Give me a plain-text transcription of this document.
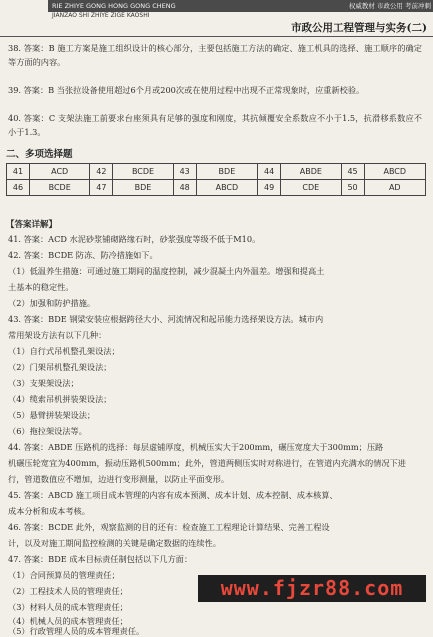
RIE ZHIYE GONG HONG GONG CHENG	权威教材 市政公用 考前冲刺
JIANZAO SHI ZHIYE ZIGE KAOSHI
市政公用工程管理与实务(二)
38. 答案：B 施工方案是施工组织设计的核心部分，主要包括施工方法的确定、施工机具的选择、施工顺序的确定等方面的内容。
39. 答案：B 当张拉设备使用超过6个月或200次或在使用过程中出现不正常现象时，应重新校验。
40. 答案：C 支架法施工前要求台座须具有足够的强度和刚度，其抗倾覆安全系数应不小于1.5，抗滑移系数应不小于1.3。
二、多项选择题
41	ACD	42	BCDE	43	BDE	44	ABDE	45	ABCD
46	BCDE	47	BDE	48	ABCD	49	CDE	50	AD
【答案详解】
41. 答案：ACD 水泥砂浆铺砌路缘石时，砂浆强度等级不低于M10。
42. 答案：BCDE 防冻、防冷措施如下。
（1）低温养生措施：可通过施工期间的温度控制，减少混凝土内外温差。增强和提高土
土基本的稳定性。
（2）加强和防护措施。
43. 答案：BDE 钢梁安装应根据跨径大小、河流情况和起吊能力选择架设方法。城市内
常用架设方法有以下几种：
（1）自行式吊机整孔架设法；
（2）门架吊机整孔架设法；
（3）支架架设法；
（4）缆索吊机拼装架设法；
（5）悬臂拼装架设法；
（6）拖拉架设法等。
44. 答案：ABDE 压路机的选择：每层虚铺厚度，机械压实大于200mm，碾压宽度大于300mm；压路
机碾压轮宽宜为400mm，振动压路机500mm；此外，管道两侧压实时对称进行，在管道内充满水的情况下进
行，管道数值应不增加，边进行变形测量，以防止平面变形。
45. 答案：ABCD 施工项目成本管理的内容有成本预测、成本计划、成本控制、成本核算、
成本分析和成本考核。
46. 答案：BCDE 此外，观察监测的目的还有：检查施工工程理论计算结果、完善工程设
计，以及对施工期间监控检测的关键是确定数据的连续性。
47. 答案：BDE 成本目标责任制包括以下几方面：
（1）合同预算员的管理责任；
（2）工程技术人员的管理责任；
（3）材料人员的成本管理责任；
（4）机械人员的成本管理责任；
（5）行政管理人员的成本管理责任。
www.fjzr88.com
